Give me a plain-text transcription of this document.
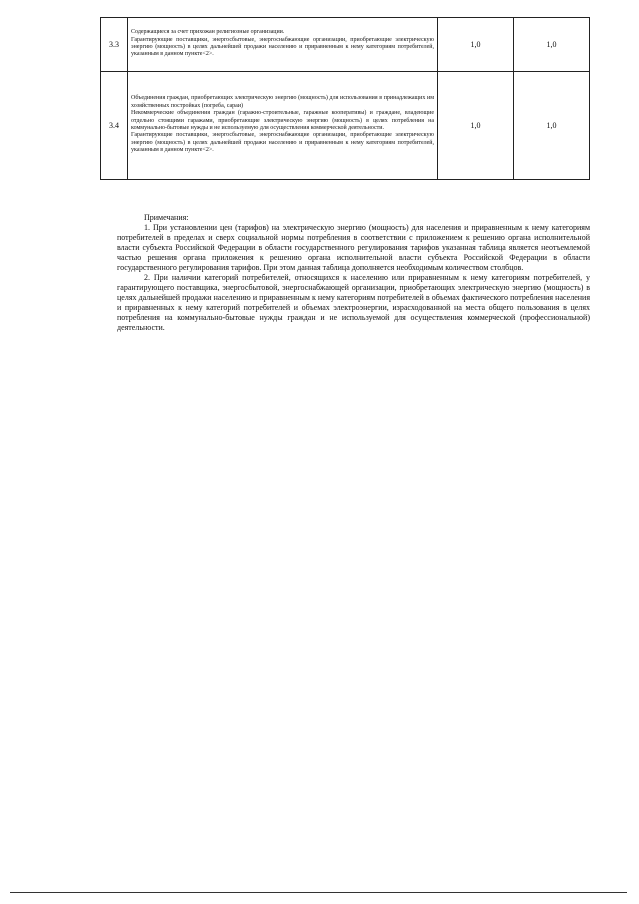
3.3	Содержащиеся за счет прихожан религиозные организации.

Гарантирующие поставщики, энергосбытовые, энергоснабжающие организации, приобретающие электрическую энергию (мощность) в целях дальнейшей продажи населению и приравненным к нему категориям потребителей, указанным в данном пункте<2>.	1,0	1,0
3.4	Объединения граждан, приобретающих электрическую энергию (мощность) для использования в принадлежащих им хозяйственных постройках (погреба, сараи)

Некоммерческие объединения граждан (гаражно-строительные, гаражные кооперативы) и граждане, владеющие отдельно стоящими гаражами, приобретающие электрическую энергию (мощность) в целях потребления на коммунально-бытовые нужды и не используемую для осуществления коммерческой деятельности.

Гарантирующие поставщики, энергосбытовые, энергоснабжающие организации, приобретающие электрическую энергию (мощность) в целях дальнейшей продажи населению и приравненным к нему категориям потребителей, указанным в данном пункте<2>.	1,0	1,0

Примечания:

1. При установлении цен (тарифов) на электрическую энергию (мощность) для населения и приравненным к нему категориям потребителей в пределах и сверх социальной нормы потребления в соответствии с приложением к решению органа исполнительной власти субъекта Российской Федерации в области государственного регулирования тарифов указанная таблица является неотъемлемой частью решения органа приложения к решению органа исполнительной власти субъекта Российской Федерации в области государственного регулирования тарифов. При этом данная таблица дополняется необходимым количеством столбцов.

2. При наличии категорий потребителей, относящихся к населению или приравненным к нему категориям потребителей, у гарантирующего поставщика, энергосбытовой, энергоснабжающей организации, приобретающих электрическую энергию (мощность) в целях дальнейшей продажи населению и приравненным к нему категориям потребителей в объемах фактического потребления населения и приравненных к нему категорий потребителей и объемах электроэнергии, израсходованной на места общего пользования в целях потребления на коммунально-бытовые нужды граждан и не используемой для осуществления коммерческой (профессиональной) деятельности.
